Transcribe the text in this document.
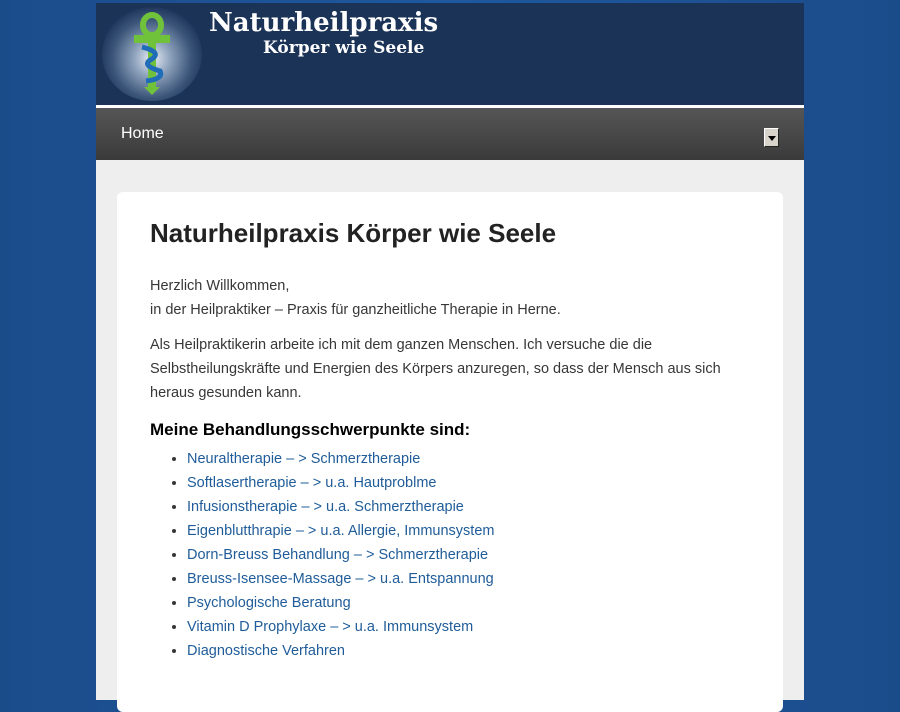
Naturheilpraxis
Körper wie Seele
Home
Naturheilpraxis Körper wie Seele

Herzlich Willkommen,
in der Heilpraktiker – Praxis für ganzheitliche Therapie in Herne.

Als Heilpraktikerin arbeite ich mit dem ganzen Menschen. Ich versuche die die Selbstheilungskräfte und Energien des Körpers anzuregen, so dass der Mensch aus sich heraus gesunden kann.

Meine Behandlungsschwerpunkte sind:
• Neuraltherapie – > Schmerztherapie
• Softlasertherapie – > u.a. Hautproblme
• Infusionstherapie – > u.a. Schmerztherapie
• Eigenblutthrapie – > u.a. Allergie, Immunsystem
• Dorn-Breuss Behandlung – > Schmerztherapie
• Breuss-Isensee-Massage – > u.a. Entspannung
• Psychologische Beratung
• Vitamin D Prophylaxe – > u.a. Immunsystem
• Diagnostische Verfahren
